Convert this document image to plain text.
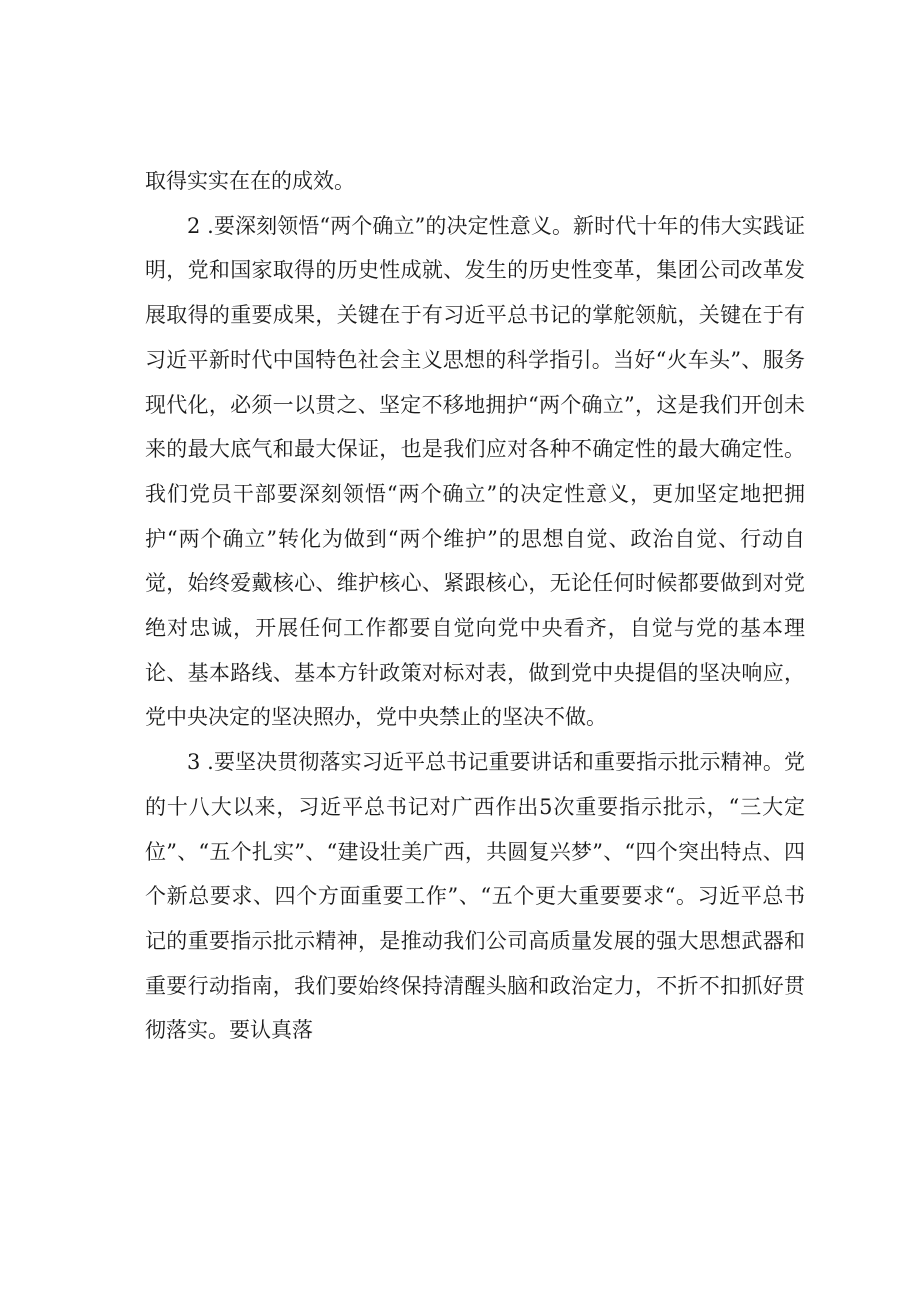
取得实实在在的成效。

2 .要深刻领悟“两个确立”的决定性意义。新时代十年的伟大实践证明，党和国家取得的历史性成就、发生的历史性变革，集团公司改革发展取得的重要成果，关键在于有习近平总书记的掌舵领航，关键在于有习近平新时代中国特色社会主义思想的科学指引。当好“火车头”、服务现代化，必须一以贯之、坚定不移地拥护“两个确立”，这是我们开创未来的最大底气和最大保证，也是我们应对各种不确定性的最大确定性。我们党员干部要深刻领悟“两个确立”的决定性意义，更加坚定地把拥护“两个确立”转化为做到“两个维护”的思想自觉、政治自觉、行动自觉，始终爱戴核心、维护核心、紧跟核心，无论任何时候都要做到对党绝对忠诚，开展任何工作都要自觉向党中央看齐，自觉与党的基本理论、基本路线、基本方针政策对标对表，做到党中央提倡的坚决响应，党中央决定的坚决照办，党中央禁止的坚决不做。

3 .要坚决贯彻落实习近平总书记重要讲话和重要指示批示精神。党的十八大以来，习近平总书记对广西作出5次重要指示批示，“三大定位”、“五个扎实”、“建设壮美广西，共圆复兴梦”、“四个突出特点、四个新总要求、四个方面重要工作”、“五个更大重要要求“。习近平总书记的重要指示批示精神，是推动我们公司高质量发展的强大思想武器和重要行动指南，我们要始终保持清醒头脑和政治定力，不折不扣抓好贯彻落实。要认真落
